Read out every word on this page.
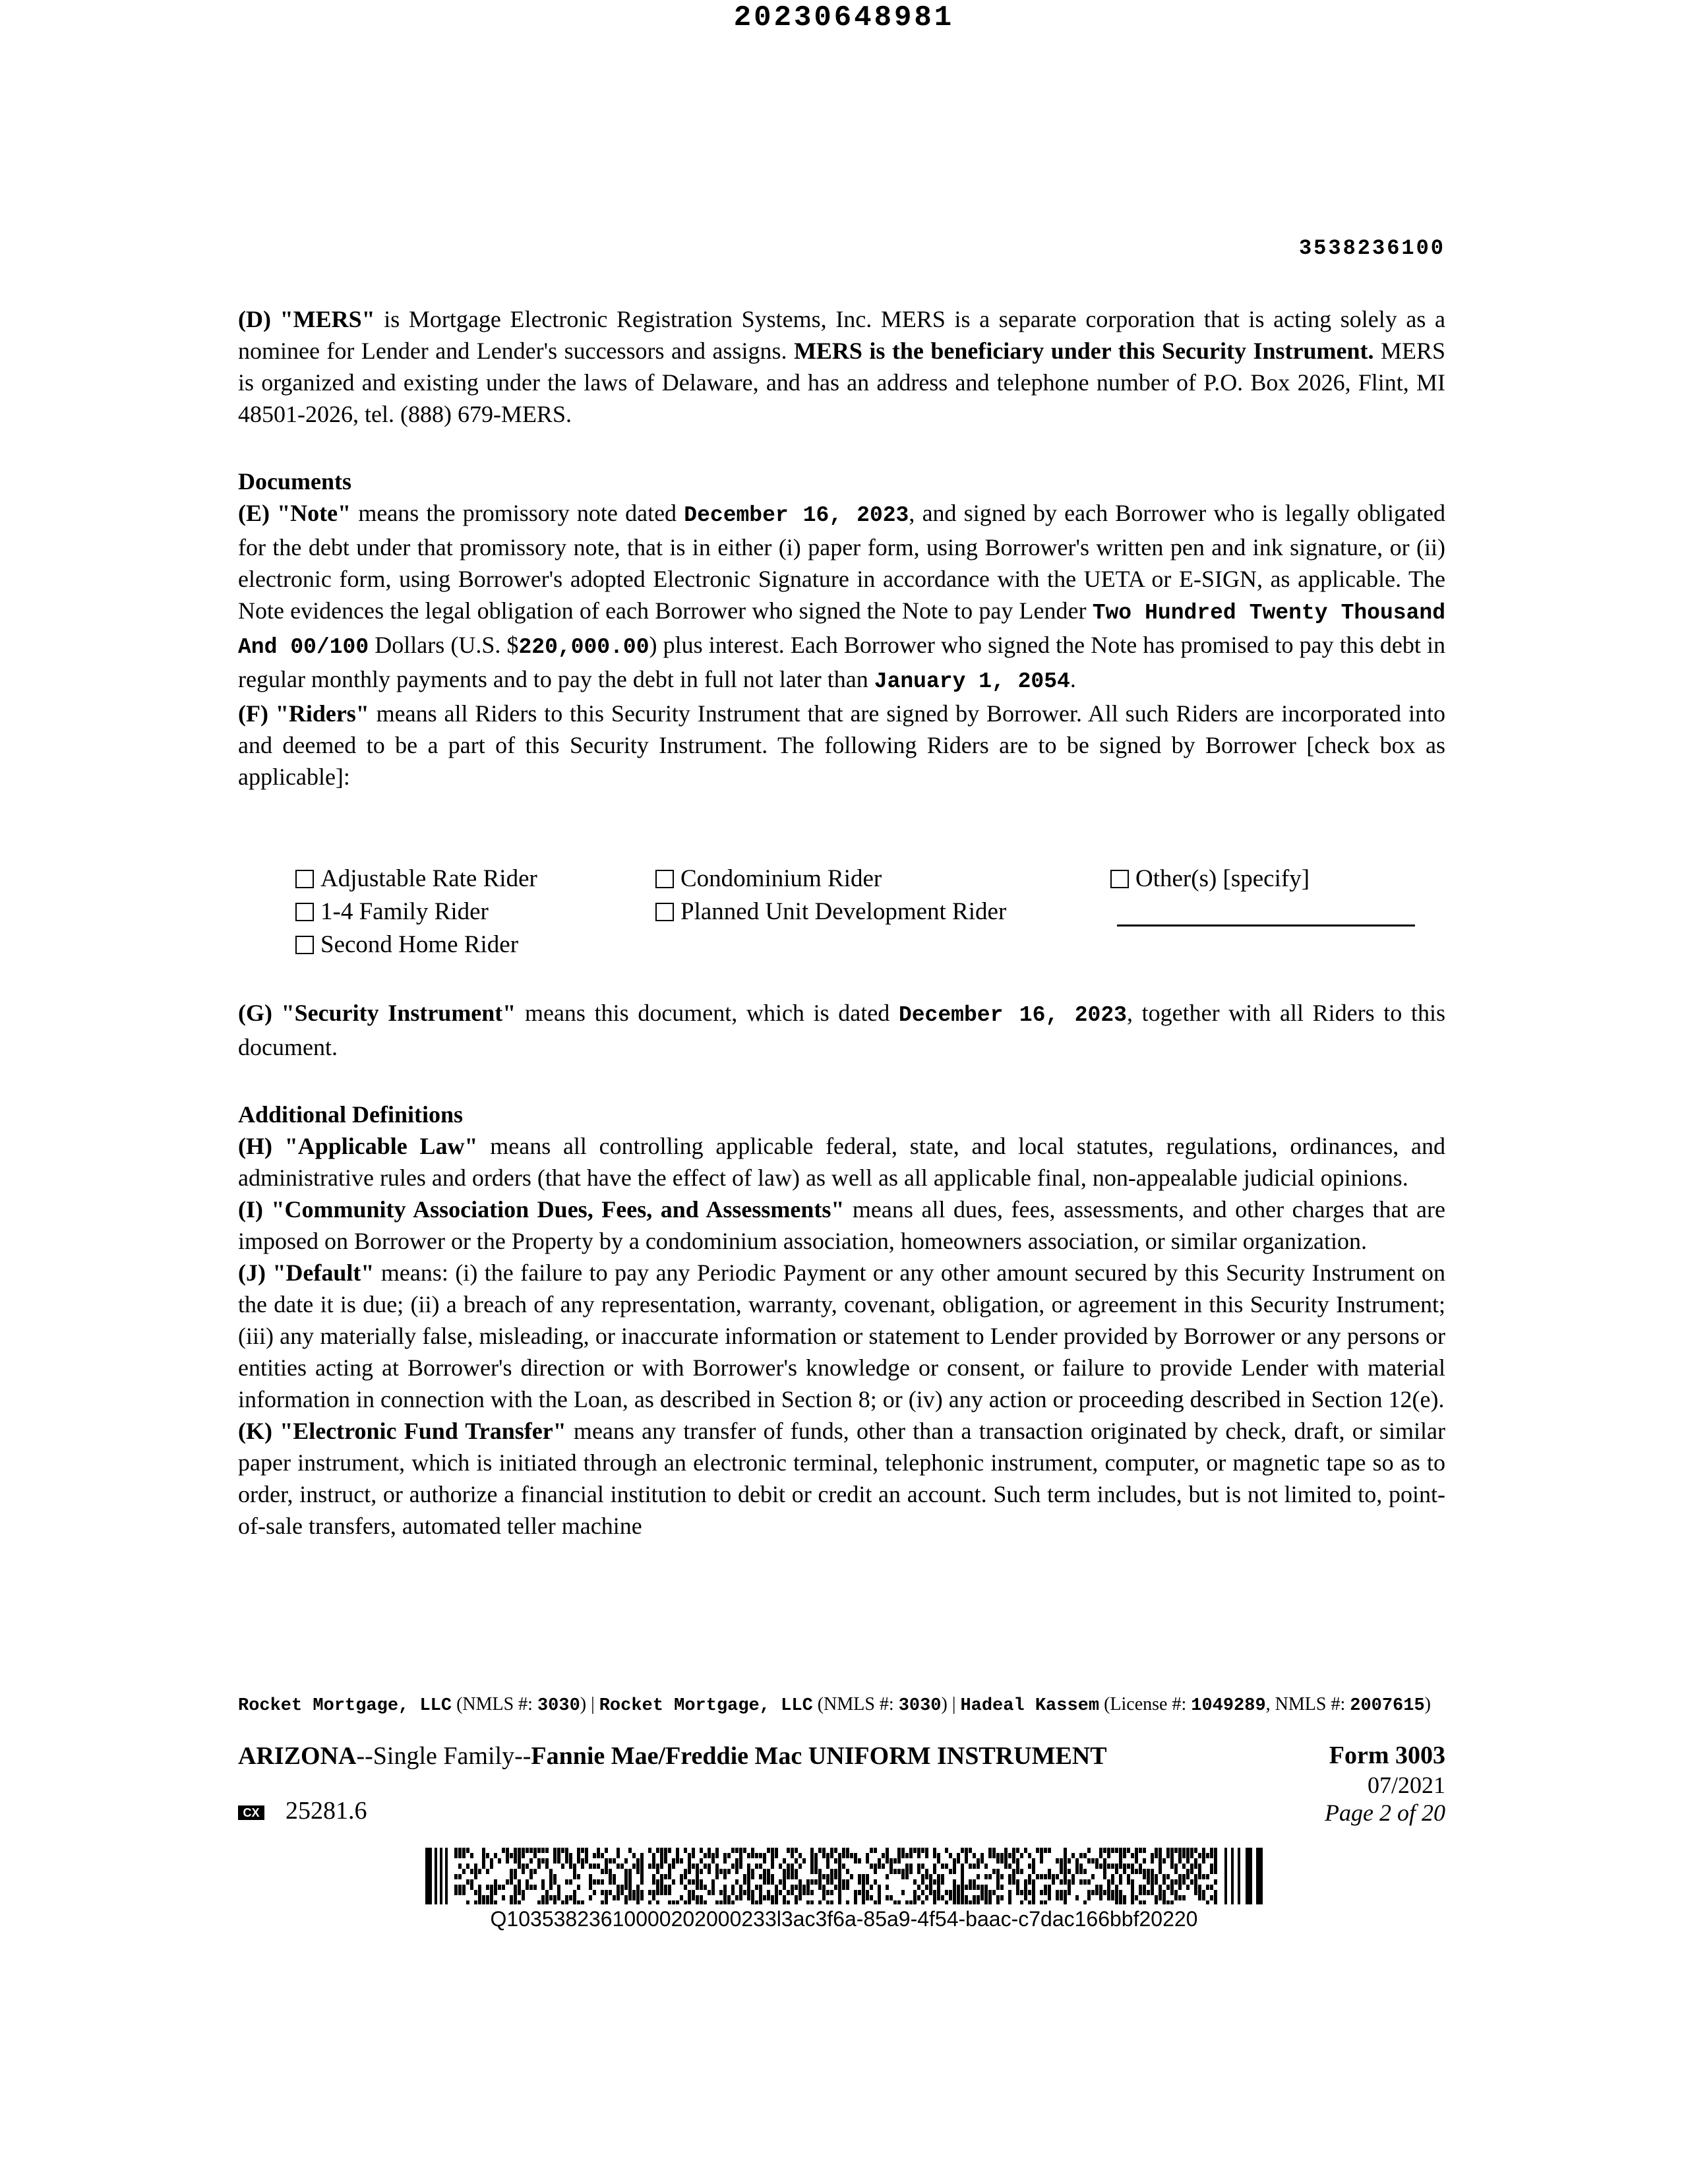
20230648981
3538236100

(D) "MERS" is Mortgage Electronic Registration Systems, Inc. MERS is a separate corporation that is acting solely as a nominee for Lender and Lender's successors and assigns. MERS is the beneficiary under this Security Instrument. MERS is organized and existing under the laws of Delaware, and has an address and telephone number of P.O. Box 2026, Flint, MI 48501-2026, tel. (888) 679-MERS.

Documents

(E) "Note" means the promissory note dated December 16, 2023, and signed by each Borrower who is legally obligated for the debt under that promissory note, that is in either (i) paper form, using Borrower's written pen and ink signature, or (ii) electronic form, using Borrower's adopted Electronic Signature in accordance with the UETA or E-SIGN, as applicable. The Note evidences the legal obligation of each Borrower who signed the Note to pay Lender Two Hundred Twenty Thousand And 00/100 Dollars (U.S. $220,000.00) plus interest. Each Borrower who signed the Note has promised to pay this debt in regular monthly payments and to pay the debt in full not later than January 1, 2054.

(F) "Riders" means all Riders to this Security Instrument that are signed by Borrower. All such Riders are incorporated into and deemed to be a part of this Security Instrument. The following Riders are to be signed by Borrower [check box as applicable]:

Adjustable Rate Rider
1-4 Family Rider
Second Home Rider
Condominium Rider
Planned Unit Development Rider
Other(s) [specify]

(G) "Security Instrument" means this document, which is dated December 16, 2023, together with all Riders to this document.

Additional Definitions

(H) "Applicable Law" means all controlling applicable federal, state, and local statutes, regulations, ordinances, and administrative rules and orders (that have the effect of law) as well as all applicable final, non-appealable judicial opinions.

(I) "Community Association Dues, Fees, and Assessments" means all dues, fees, assessments, and other charges that are imposed on Borrower or the Property by a condominium association, homeowners association, or similar organization.

(J) "Default" means: (i) the failure to pay any Periodic Payment or any other amount secured by this Security Instrument on the date it is due; (ii) a breach of any representation, warranty, covenant, obligation, or agreement in this Security Instrument; (iii) any materially false, misleading, or inaccurate information or statement to Lender provided by Borrower or any persons or entities acting at Borrower's direction or with Borrower's knowledge or consent, or failure to provide Lender with material information in connection with the Loan, as described in Section 8; or (iv) any action or proceeding described in Section 12(e).

(K) "Electronic Fund Transfer" means any transfer of funds, other than a transaction originated by check, draft, or similar paper instrument, which is initiated through an electronic terminal, telephonic instrument, computer, or magnetic tape so as to order, instruct, or authorize a financial institution to debit or credit an account. Such term includes, but is not limited to, point-of-sale transfers, automated teller machine

Rocket Mortgage, LLC (NMLS #: 3030) | Rocket Mortgage, LLC (NMLS #: 3030) | Hadeal Kassem (License #: 1049289, NMLS #: 2007615)
ARIZONA--Single Family--Fannie Mae/Freddie Mac UNIFORM INSTRUMENT	Form 3003
07/2021
Page 2 of 20
CX 25281.6
Q10353823610000202000233l3ac3f6a-85a9-4f54-baac-c7dac166bbf20220
